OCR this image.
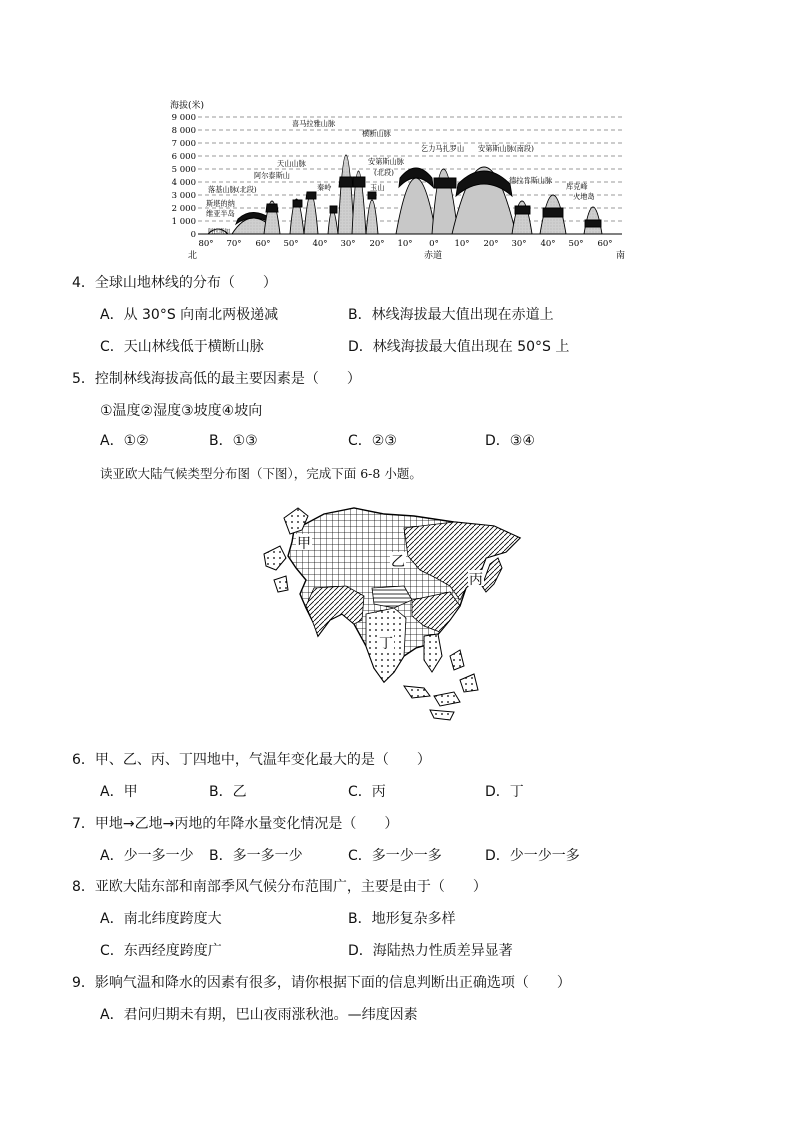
海拔(米)
9 000
8 000
7 000
6 000
5 000
4 000
3 000
2 000
1 000
0
喜马拉雅山脉
横断山脉
乞力马扎罗山 安第斯山脉(南段)
天山山脉	安第斯山脉
阿尔泰斯山	(北段)
秦岭	玉山
德拉肯斯山脉
库克峰
落基山脉(北段)
火地岛
斯堪的纳
维亚半岛
阿拉斯加
80° 70° 60° 50° 40° 30° 20° 10° 0° 10° 20° 30° 40° 50° 60°
北	赤道	南
4．全球山地林线的分布（　　）
A．从 30°S 向南北两极递减	B．林线海拔最大值出现在赤道上
C．天山林线低于横断山脉	D．林线海拔最大值出现在 50°S 上
5．控制林线海拔高低的最主要因素是（　　）
①温度②湿度③坡度④坡向
A．①②	B．①③	C．②③	D．③④
读亚欧大陆气候类型分布图（下图），完成下面 6-8 小题。
甲
乙
丙
丁
6．甲、乙、丙、丁四地中，气温年变化最大的是（　　）
A．甲	B．乙	C．丙	D．丁
7．甲地→乙地→丙地的年降水量变化情况是（　　）
A．少一多一少 B．多一多一少	C．多一少一多	D．少一少一多
8．亚欧大陆东部和南部季风气候分布范围广，主要是由于（　　）
A．南北纬度跨度大	B．地形复杂多样
C．东西经度跨度广	D．海陆热力性质差异显著
9．影响气温和降水的因素有很多，请你根据下面的信息判断出正确选项（　　）
A．君问归期未有期，巴山夜雨涨秋池。—纬度因素
